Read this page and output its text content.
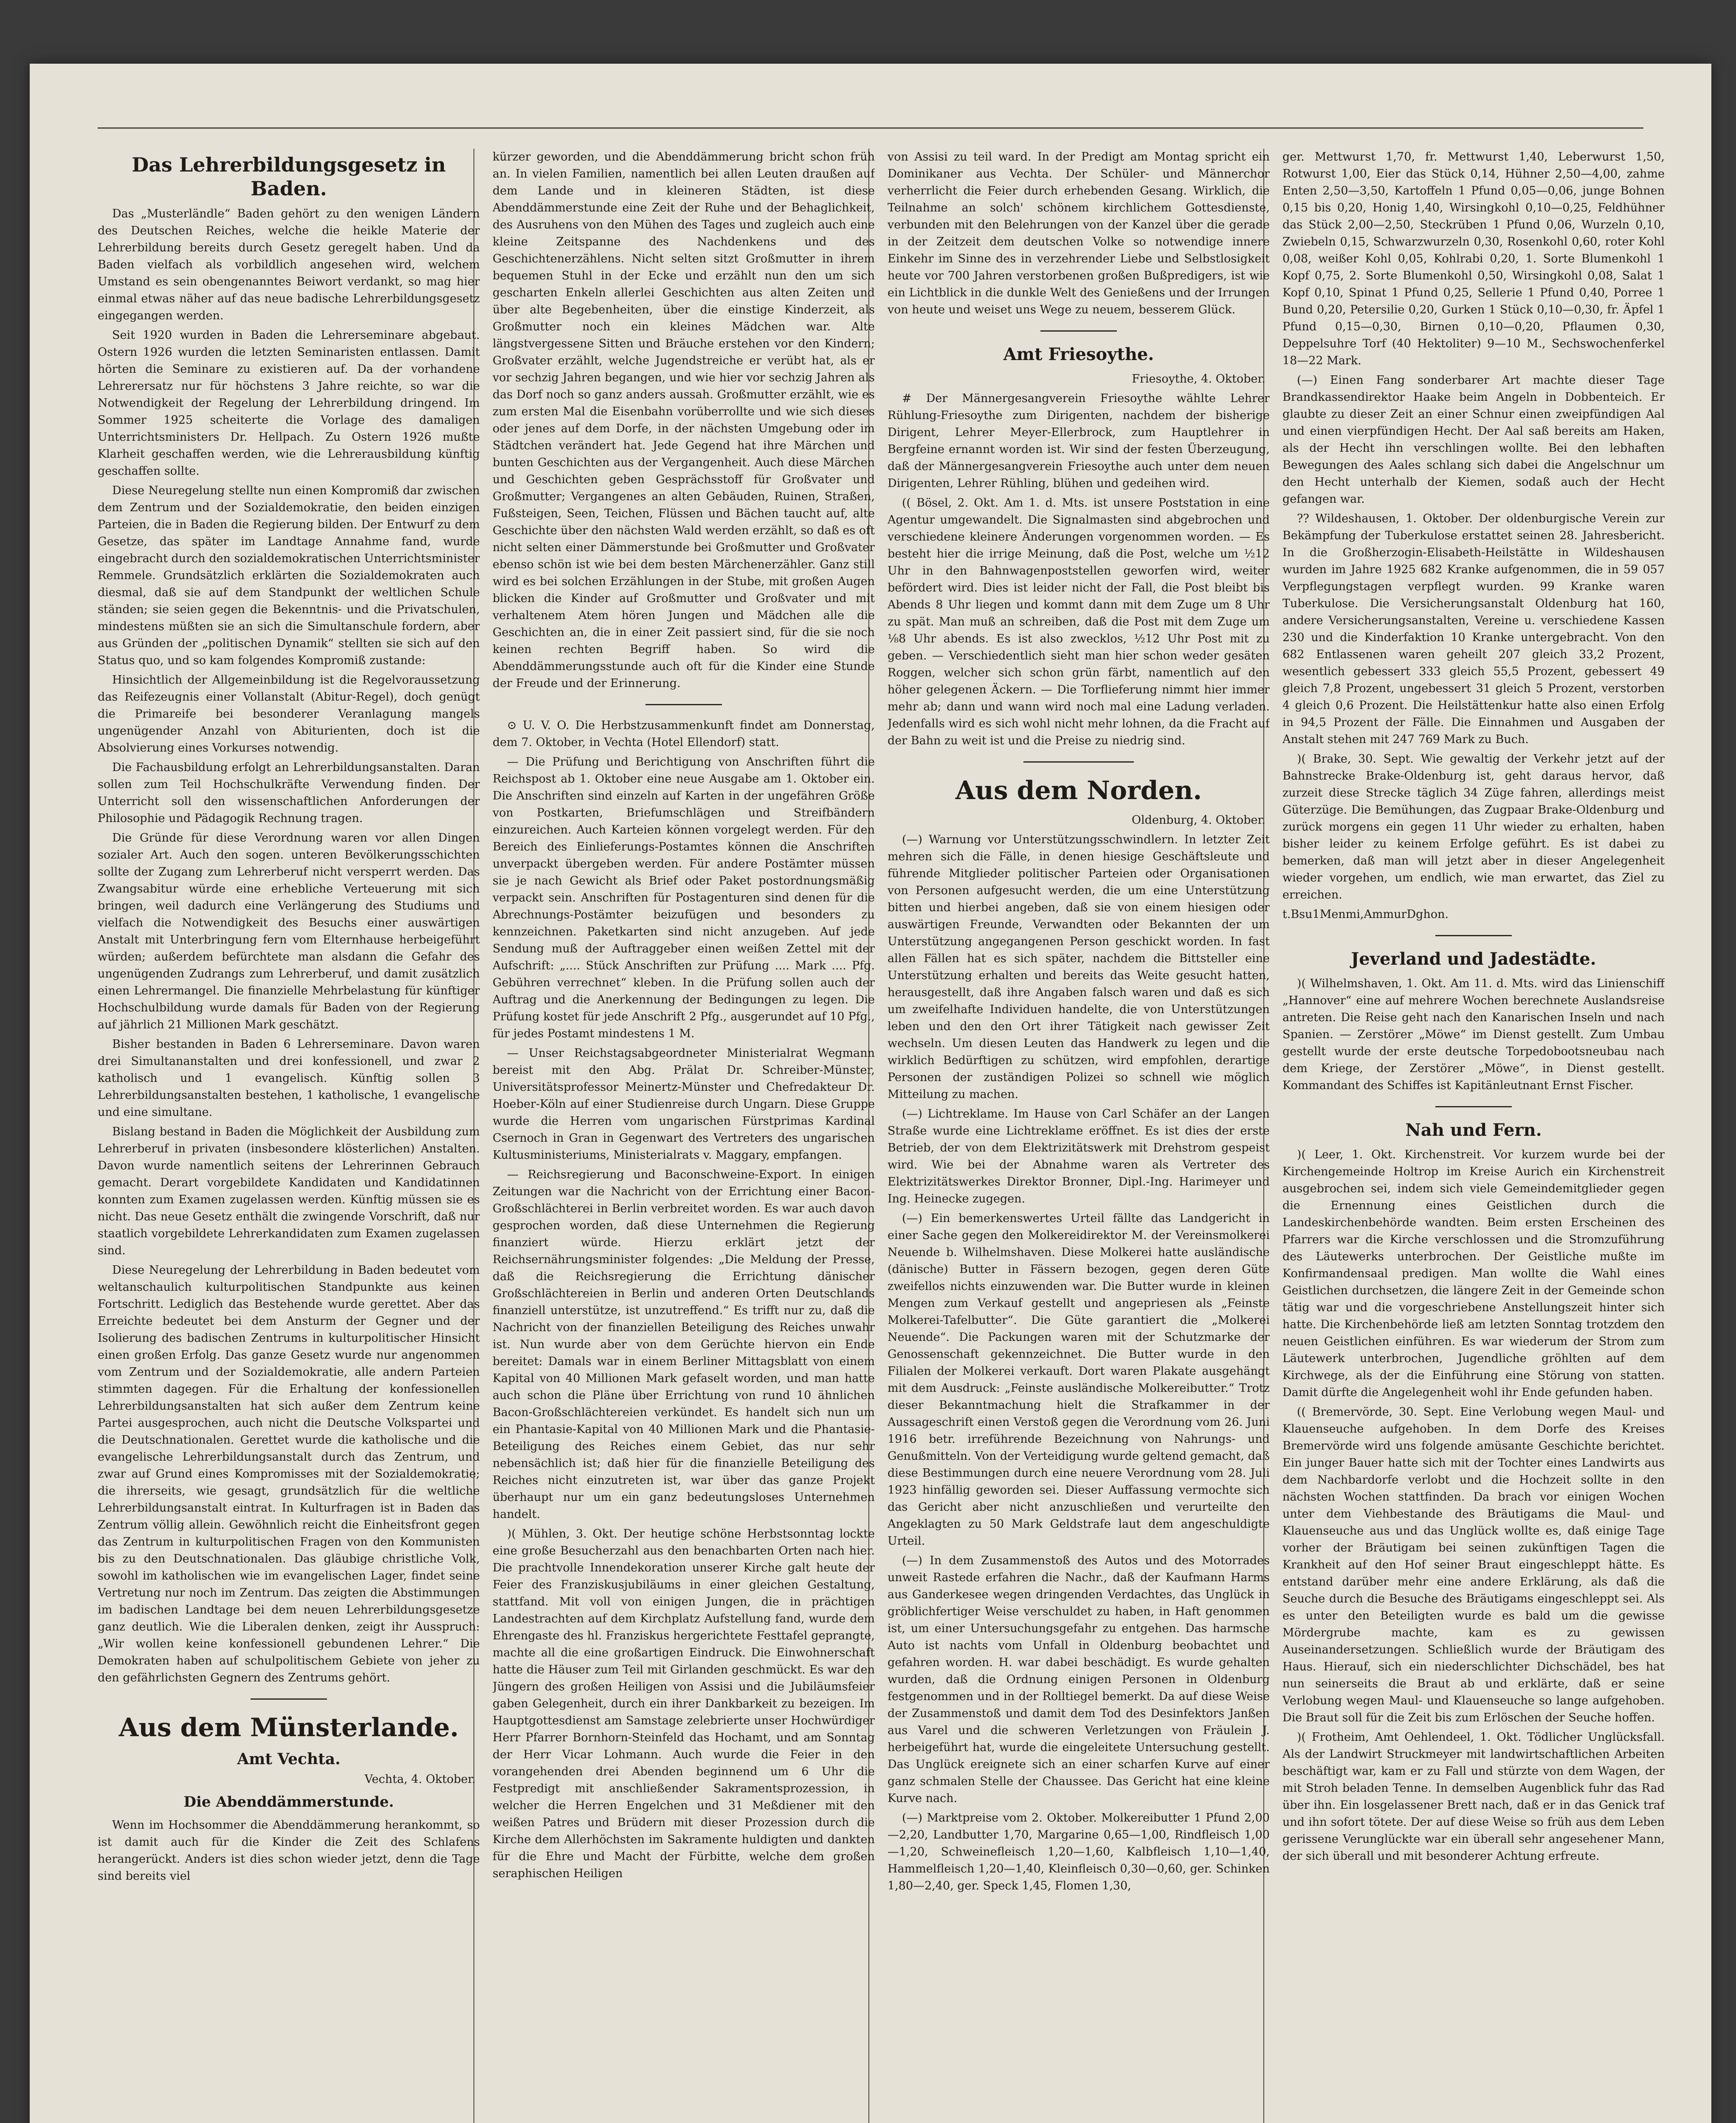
Das Lehrerbildungsgesetz in Baden.

Das „Musterländle“ Baden gehört zu den wenigen Ländern des Deutschen Reiches, welche die heikle Materie der Lehrerbildung bereits durch Gesetz geregelt haben. Und da Baden vielfach als vorbildlich angesehen wird, welchem Umstand es sein obengenanntes Beiwort verdankt, so mag hier einmal etwas näher auf das neue badische Lehrerbildungsgesetz eingegangen werden.

Seit 1920 wurden in Baden die Lehrerseminare abgebaut. Ostern 1926 wurden die letzten Seminaristen entlassen. Damit hörten die Seminare zu existieren auf. Da der vorhandene Lehrerersatz nur für höchstens 3 Jahre reichte, so war die Notwendigkeit der Regelung der Lehrerbildung dringend. Im Sommer 1925 scheiterte die Vorlage des damaligen Unterrichtsministers Dr. Hellpach. Zu Ostern 1926 mußte Klarheit geschaffen werden, wie die Lehrerausbildung künftig geschaffen sollte.

Diese Neuregelung stellte nun einen Kompromiß dar zwischen dem Zentrum und der Sozialdemokratie, den beiden einzigen Parteien, die in Baden die Regierung bilden. Der Entwurf zu dem Gesetze, das später im Landtage Annahme fand, wurde eingebracht durch den sozialdemokratischen Unterrichtsminister Remmele. Grundsätzlich erklärten die Sozialdemokraten auch diesmal, daß sie auf dem Standpunkt der weltlichen Schule ständen; sie seien gegen die Bekenntnis- und die Privatschulen, mindestens müßten sie an sich die Simultanschule fordern, aber aus Gründen der „politischen Dynamik“ stellten sie sich auf den Status quo, und so kam folgendes Kompromiß zustande:

Hinsichtlich der Allgemeinbildung ist die Regelvoraussetzung das Reifezeugnis einer Vollanstalt (Abitur-Regel), doch genügt die Primareife bei besonderer Veranlagung mangels ungenügender Anzahl von Abiturienten, doch ist die Absolvierung eines Vorkurses notwendig.

Die Fachausbildung erfolgt an Lehrerbildungsanstalten. Daran sollen zum Teil Hochschulkräfte Verwendung finden. Der Unterricht soll den wissenschaftlichen Anforderungen der Philosophie und Pädagogik Rechnung tragen.

Die Gründe für diese Verordnung waren vor allen Dingen sozialer Art. Auch den sogen. unteren Bevölkerungsschichten sollte der Zugang zum Lehrerberuf nicht versperrt werden. Das Zwangsabitur würde eine erhebliche Verteuerung mit sich bringen, weil dadurch eine Verlängerung des Studiums und vielfach die Notwendigkeit des Besuchs einer auswärtigen Anstalt mit Unterbringung fern vom Elternhause herbeigeführt würden; außerdem befürchtete man alsdann die Gefahr des ungenügenden Zudrangs zum Lehrerberuf, und damit zusätzlich einen Lehrermangel. Die finanzielle Mehrbelastung für künftiger Hochschulbildung wurde damals für Baden von der Regierung auf jährlich 21 Millionen Mark geschätzt.

Bisher bestanden in Baden 6 Lehrerseminare. Davon waren drei Simultananstalten und drei konfessionell, und zwar 2 katholisch und 1 evangelisch. Künftig sollen 3 Lehrerbildungsanstalten bestehen, 1 katholische, 1 evangelische und eine simultane.

Bislang bestand in Baden die Möglichkeit der Ausbildung zum Lehrerberuf in privaten (insbesondere klösterlichen) Anstalten. Davon wurde namentlich seitens der Lehrerinnen Gebrauch gemacht. Derart vorgebildete Kandidaten und Kandidatinnen konnten zum Examen zugelassen werden. Künftig müssen sie es nicht. Das neue Gesetz enthält die zwingende Vorschrift, daß nur staatlich vorgebildete Lehrerkandidaten zum Examen zugelassen sind.

Diese Neuregelung der Lehrerbildung in Baden bedeutet vom weltanschaulich kulturpolitischen Standpunkte aus keinen Fortschritt. Lediglich das Bestehende wurde gerettet. Aber das Erreichte bedeutet bei dem Ansturm der Gegner und der Isolierung des badischen Zentrums in kulturpolitischer Hinsicht einen großen Erfolg. Das ganze Gesetz wurde nur angenommen vom Zentrum und der Sozialdemokratie, alle andern Parteien stimmten dagegen. Für die Erhaltung der konfessionellen Lehrerbildungsanstalten hat sich außer dem Zentrum keine Partei ausgesprochen, auch nicht die Deutsche Volkspartei und die Deutschnationalen. Gerettet wurde die katholische und die evangelische Lehrerbildungsanstalt durch das Zentrum, und zwar auf Grund eines Kompromisses mit der Sozialdemokratie; die ihrerseits, wie gesagt, grundsätzlich für die weltliche Lehrerbildungsanstalt eintrat. In Kulturfragen ist in Baden das Zentrum völlig allein. Gewöhnlich reicht die Einheitsfront gegen das Zentrum in kulturpolitischen Fragen von den Kommunisten bis zu den Deutschnationalen. Das gläubige christliche Volk, sowohl im katholischen wie im evangelischen Lager, findet seine Vertretung nur noch im Zentrum. Das zeigten die Abstimmungen im badischen Landtage bei dem neuen Lehrerbildungsgesetze ganz deutlich. Wie die Liberalen denken, zeigt ihr Ausspruch: „Wir wollen keine konfessionell gebundenen Lehrer.“ Die Demokraten haben auf schulpolitischem Gebiete von jeher zu den gefährlichsten Gegnern des Zentrums gehört.

Aus dem Münsterlande.
Amt Vechta.
Vechta, 4. Oktober.
Die Abenddämmerstunde.

Wenn im Hochsommer die Abenddämmerung herankommt, so ist damit auch für die Kinder die Zeit des Schlafens herangerückt. Anders ist dies schon wieder jetzt, denn die Tage sind bereits viel

kürzer geworden, und die Abenddämmerung bricht schon früh an. In vielen Familien, namentlich bei allen Leuten draußen auf dem Lande und in kleineren Städten, ist diese Abenddämmerstunde eine Zeit der Ruhe und der Behaglichkeit, des Ausruhens von den Mühen des Tages und zugleich auch eine kleine Zeitspanne des Nachdenkens und des Geschichtenerzählens. Nicht selten sitzt Großmutter in ihrem bequemen Stuhl in der Ecke und erzählt nun den um sich gescharten Enkeln allerlei Geschichten aus alten Zeiten und über alte Begebenheiten, über die einstige Kinderzeit, als Großmutter noch ein kleines Mädchen war. Alte längstvergessene Sitten und Bräuche erstehen vor den Kindern; Großvater erzählt, welche Jugendstreiche er verübt hat, als er vor sechzig Jahren begangen, und wie hier vor sechzig Jahren als das Dorf noch so ganz anders aussah. Großmutter erzählt, wie es zum ersten Mal die Eisenbahn vorüberrollte und wie sich dieses oder jenes auf dem Dorfe, in der nächsten Umgebung oder im Städtchen verändert hat. Jede Gegend hat ihre Märchen und bunten Geschichten aus der Vergangenheit. Auch diese Märchen und Geschichten geben Gesprächsstoff für Großvater und Großmutter; Vergangenes an alten Gebäuden, Ruinen, Straßen, Fußsteigen, Seen, Teichen, Flüssen und Bächen taucht auf, alte Geschichte über den nächsten Wald werden erzählt, so daß es oft nicht selten einer Dämmerstunde bei Großmutter und Großvater ebenso schön ist wie bei dem besten Märchenerzähler. Ganz still wird es bei solchen Erzählungen in der Stube, mit großen Augen blicken die Kinder auf Großmutter und Großvater und mit verhaltenem Atem hören Jungen und Mädchen alle die Geschichten an, die in einer Zeit passiert sind, für die sie noch keinen rechten Begriff haben. So wird die Abenddämmerungsstunde auch oft für die Kinder eine Stunde der Freude und der Erinnerung.

⊙ U. V. O. Die Herbstzusammenkunft findet am Donnerstag, dem 7. Oktober, in Vechta (Hotel Ellendorf) statt.

— Die Prüfung und Berichtigung von Anschriften führt die Reichspost ab 1. Oktober eine neue Ausgabe am 1. Oktober ein. Die Anschriften sind einzeln auf Karten in der ungefähren Größe von Postkarten, Briefumschlägen und Streifbändern einzureichen. Auch Karteien können vorgelegt werden. Für den Bereich des Einlieferungs-Postamtes können die Anschriften unverpackt übergeben werden. Für andere Postämter müssen sie je nach Gewicht als Brief oder Paket postordnungsmäßig verpackt sein. Anschriften für Postagenturen sind denen für die Abrechnungs-Postämter beizufügen und besonders zu kennzeichnen. Paketkarten sind nicht anzugeben. Auf jede Sendung muß der Auftraggeber einen weißen Zettel mit der Aufschrift: „.... Stück Anschriften zur Prüfung .... Mark .... Pfg. Gebühren verrechnet“ kleben. In die Prüfung sollen auch der Auftrag und die Anerkennung der Bedingungen zu legen. Die Prüfung kostet für jede Anschrift 2 Pfg., ausgerundet auf 10 Pfg., für jedes Postamt mindestens 1 M.

— Unser Reichstagsabgeordneter Ministerialrat Wegmann bereist mit den Abg. Prälat Dr. Schreiber-Münster, Universitätsprofessor Meinertz-Münster und Chefredakteur Dr. Hoeber-Köln auf einer Studienreise durch Ungarn. Diese Gruppe wurde die Herren vom ungarischen Fürstprimas Kardinal Csernoch in Gran in Gegenwart des Vertreters des ungarischen Kultusministeriums, Ministerialrats v. Maggary, empfangen.

— Reichsregierung und Baconschweine-Export. In einigen Zeitungen war die Nachricht von der Errichtung einer Bacon-Großschlächterei in Berlin verbreitet worden. Es war auch davon gesprochen worden, daß diese Unternehmen die Regierung finanziert würde. Hierzu erklärt jetzt der Reichsernährungsminister folgendes: „Die Meldung der Presse, daß die Reichsregierung die Errichtung dänischer Großschlächtereien in Berlin und anderen Orten Deutschlands finanziell unterstütze, ist unzutreffend.“ Es trifft nur zu, daß die Nachricht von der finanziellen Beteiligung des Reiches unwahr ist. Nun wurde aber von dem Gerüchte hiervon ein Ende bereitet: Damals war in einem Berliner Mittagsblatt von einem Kapital von 40 Millionen Mark gefaselt worden, und man hatte auch schon die Pläne über Errichtung von rund 10 ähnlichen Bacon-Großschlächtereien verkündet. Es handelt sich nun um ein Phantasie-Kapital von 40 Millionen Mark und die Phantasie-Beteiligung des Reiches einem Gebiet, das nur sehr nebensächlich ist; daß hier für die finanzielle Beteiligung des Reiches nicht einzutreten ist, war über das ganze Projekt überhaupt nur um ein ganz bedeutungsloses Unternehmen handelt.

)( Mühlen, 3. Okt. Der heutige schöne Herbstsonntag lockte eine große Besucherzahl aus den benachbarten Orten nach hier. Die prachtvolle Innendekoration unserer Kirche galt heute der Feier des Franziskusjubiläums in einer gleichen Gestaltung, stattfand. Mit voll von einigen Jungen, die in prächtigen Landestrachten auf dem Kirchplatz Aufstellung fand, wurde dem Ehrengaste des hl. Franziskus hergerichtete Festtafel geprangte, machte all die eine großartigen Eindruck. Die Einwohnerschaft hatte die Häuser zum Teil mit Girlanden geschmückt. Es war den Jüngern des großen Heiligen von Assisi und die Jubiläumsfeier gaben Gelegenheit, durch ein ihrer Dankbarkeit zu bezeigen. Im Hauptgottesdienst am Samstage zelebrierte unser Hochwürdiger Herr Pfarrer Bornhorn-Steinfeld das Hochamt, und am Sonntag der Herr Vicar Lohmann. Auch wurde die Feier in den vorangehenden drei Abenden beginnend um 6 Uhr die Festpredigt mit anschließender Sakramentsprozession, in welcher die Herren Engelchen und 31 Meßdiener mit den weißen Patres und Brüdern mit dieser Prozession durch die Kirche dem Allerhöchsten im Sakramente huldigten und dankten für die Ehre und Macht der Fürbitte, welche dem großen seraphischen Heiligen

von Assisi zu teil ward. In der Predigt am Montag spricht ein Dominikaner aus Vechta. Der Schüler- und Männerchor verherrlicht die Feier durch erhebenden Gesang. Wirklich, die Teilnahme an solch' schönem kirchlichem Gottesdienste, verbunden mit den Belehrungen von der Kanzel über die gerade in der Zeitzeit dem deutschen Volke so notwendige innere Einkehr im Sinne des in verzehrender Liebe und Selbstlosigkeit heute vor 700 Jahren verstorbenen großen Bußpredigers, ist wie ein Lichtblick in die dunkle Welt des Genießens und der Irrungen von heute und weiset uns Wege zu neuem, besserem Glück.

Amt Friesoythe.
Friesoythe, 4. Oktober.

# Der Männergesangverein Friesoythe wählte Lehrer Rühlung-Friesoythe zum Dirigenten, nachdem der bisherige Dirigent, Lehrer Meyer-Ellerbrock, zum Hauptlehrer in Bergfeine ernannt worden ist. Wir sind der festen Überzeugung, daß der Männergesangverein Friesoythe auch unter dem neuen Dirigenten, Lehrer Rühling, blühen und gedeihen wird.

(( Bösel, 2. Okt. Am 1. d. Mts. ist unsere Poststation in eine Agentur umgewandelt. Die Signalmasten sind abgebrochen und verschiedene kleinere Änderungen vorgenommen worden. — Es besteht hier die irrige Meinung, daß die Post, welche um ½12 Uhr in den Bahnwagenpoststellen geworfen wird, weiter befördert wird. Dies ist leider nicht der Fall, die Post bleibt bis Abends 8 Uhr liegen und kommt dann mit dem Zuge um 8 Uhr zu spät. Man muß an schreiben, daß die Post mit dem Zuge um ⅛8 Uhr abends. Es ist also zwecklos, ½12 Uhr Post mit zu geben. — Verschiedentlich sieht man hier schon weder gesäten Roggen, welcher sich schon grün färbt, namentlich auf den höher gelegenen Äckern. — Die Torflieferung nimmt hier immer mehr ab; dann und wann wird noch mal eine Ladung verladen. Jedenfalls wird es sich wohl nicht mehr lohnen, da die Fracht auf der Bahn zu weit ist und die Preise zu niedrig sind.

Aus dem Norden.
Oldenburg, 4. Oktober.

(—) Warnung vor Unterstützungsschwindlern. In letzter Zeit mehren sich die Fälle, in denen hiesige Geschäftsleute und führende Mitglieder politischer Parteien oder Organisationen von Personen aufgesucht werden, die um eine Unterstützung bitten und hierbei angeben, daß sie von einem hiesigen oder auswärtigen Freunde, Verwandten oder Bekannten der um Unterstützung angegangenen Person geschickt worden. In fast allen Fällen hat es sich später, nachdem die Bittsteller eine Unterstützung erhalten und bereits das Weite gesucht hatten, herausgestellt, daß ihre Angaben falsch waren und daß es sich um zweifelhafte Individuen handelte, die von Unterstützungen leben und den den Ort ihrer Tätigkeit nach gewisser Zeit wechseln. Um diesen Leuten das Handwerk zu legen und die wirklich Bedürftigen zu schützen, wird empfohlen, derartige Personen der zuständigen Polizei so schnell wie möglich Mitteilung zu machen.

(—) Lichtreklame. Im Hause von Carl Schäfer an der Langen Straße wurde eine Lichtreklame eröffnet. Es ist dies der erste Betrieb, der von dem Elektrizitätswerk mit Drehstrom gespeist wird. Wie bei der Abnahme waren als Vertreter des Elektrizitätswerkes Direktor Bronner, Dipl.-Ing. Harimeyer und Ing. Heinecke zugegen.

(—) Ein bemerkenswertes Urteil fällte das Landgericht in einer Sache gegen den Molkereidirektor M. der Vereinsmolkerei Neuende b. Wilhelmshaven. Diese Molkerei hatte ausländische (dänische) Butter in Fässern bezogen, gegen deren Güte zweifellos nichts einzuwenden war. Die Butter wurde in kleinen Mengen zum Verkauf gestellt und angepriesen als „Feinste Molkerei-Tafelbutter“. Die Güte garantiert die „Molkerei Neuende“. Die Packungen waren mit der Schutzmarke der Genossenschaft gekennzeichnet. Die Butter wurde in den Filialen der Molkerei verkauft. Dort waren Plakate ausgehängt mit dem Ausdruck: „Feinste ausländische Molkereibutter.“ Trotz dieser Bekanntmachung hielt die Strafkammer in der Aussageschrift einen Verstoß gegen die Verordnung vom 26. Juni 1916 betr. irreführende Bezeichnung von Nahrungs- und Genußmitteln. Von der Verteidigung wurde geltend gemacht, daß diese Bestimmungen durch eine neuere Verordnung vom 28. Juli 1923 hinfällig geworden sei. Dieser Auffassung vermochte sich das Gericht aber nicht anzuschließen und verurteilte den Angeklagten zu 50 Mark Geldstrafe laut dem angeschuldigte Urteil.

(—) In dem Zusammenstoß des Autos und des Motorrades unweit Rastede erfahren die Nachr., daß der Kaufmann Harms aus Ganderkesee wegen dringenden Verdachtes, das Unglück in gröblichfertiger Weise verschuldet zu haben, in Haft genommen ist, um einer Untersuchungsgefahr zu entgehen. Das harmsche Auto ist nachts vom Unfall in Oldenburg beobachtet und gefahren worden. H. war dabei beschädigt. Es wurde gehalten wurden, daß die Ordnung einigen Personen in Oldenburg festgenommen und in der Rolltiegel bemerkt. Da auf diese Weise der Zusammenstoß und damit dem Tod des Desinfektors Janßen aus Varel und die schweren Verletzungen von Fräulein J. herbeigeführt hat, wurde die eingeleitete Untersuchung gestellt. Das Unglück ereignete sich an einer scharfen Kurve auf einer ganz schmalen Stelle der Chaussee. Das Gericht hat eine kleine Kurve nach.

(—) Marktpreise vom 2. Oktober. Molkereibutter 1 Pfund 2,00—2,20, Landbutter 1,70, Margarine 0,65—1,00, Rindfleisch 1,00—1,20, Schweinefleisch 1,20—1,60, Kalbfleisch 1,10—1,40, Hammelfleisch 1,20—1,40, Kleinfleisch 0,30—0,60, ger. Schinken 1,80—2,40, ger. Speck 1,45, Flomen 1,30,

ger. Mettwurst 1,70, fr. Mettwurst 1,40, Leberwurst 1,50, Rotwurst 1,00, Eier das Stück 0,14, Hühner 2,50—4,00, zahme Enten 2,50—3,50, Kartoffeln 1 Pfund 0,05—0,06, junge Bohnen 0,15 bis 0,20, Honig 1,40, Wirsingkohl 0,10—0,25, Feldhühner das Stück 2,00—2,50, Steckrüben 1 Pfund 0,06, Wurzeln 0,10, Zwiebeln 0,15, Schwarzwurzeln 0,30, Rosenkohl 0,60, roter Kohl 0,08, weißer Kohl 0,05, Kohlrabi 0,20, 1. Sorte Blumenkohl 1 Kopf 0,75, 2. Sorte Blumenkohl 0,50, Wirsingkohl 0,08, Salat 1 Kopf 0,10, Spinat 1 Pfund 0,25, Sellerie 1 Pfund 0,40, Porree 1 Bund 0,20, Petersilie 0,20, Gurken 1 Stück 0,10—0,30, fr. Äpfel 1 Pfund 0,15—0,30, Birnen 0,10—0,20, Pflaumen 0,30, Deppelsuhre Torf (40 Hektoliter) 9—10 M., Sechswochenferkel 18—22 Mark.

(—) Einen Fang sonderbarer Art machte dieser Tage Brandkassendirektor Haake beim Angeln in Dobbenteich. Er glaubte zu dieser Zeit an einer Schnur einen zweipfündigen Aal und einen vierpfündigen Hecht. Der Aal saß bereits am Haken, als der Hecht ihn verschlingen wollte. Bei den lebhaften Bewegungen des Aales schlang sich dabei die Angelschnur um den Hecht unterhalb der Kiemen, sodaß auch der Hecht gefangen war.

?? Wildeshausen, 1. Oktober. Der oldenburgische Verein zur Bekämpfung der Tuberkulose erstattet seinen 28. Jahresbericht. In die Großherzogin-Elisabeth-Heilstätte in Wildeshausen wurden im Jahre 1925 682 Kranke aufgenommen, die in 59 057 Verpflegungstagen verpflegt wurden. 99 Kranke waren Tuberkulose. Die Versicherungsanstalt Oldenburg hat 160, andere Versicherungsanstalten, Vereine u. verschiedene Kassen 230 und die Kinderfaktion 10 Kranke untergebracht. Von den 682 Entlassenen waren geheilt 207 gleich 33,2 Prozent, wesentlich gebessert 333 gleich 55,5 Prozent, gebessert 49 gleich 7,8 Prozent, ungebessert 31 gleich 5 Prozent, verstorben 4 gleich 0,6 Prozent. Die Heilstättenkur hatte also einen Erfolg in 94,5 Prozent der Fälle. Die Einnahmen und Ausgaben der Anstalt stehen mit 247 769 Mark zu Buch.

)( Brake, 30. Sept. Wie gewaltig der Verkehr jetzt auf der Bahnstrecke Brake-Oldenburg ist, geht daraus hervor, daß zurzeit diese Strecke täglich 34 Züge fahren, allerdings meist Güterzüge. Die Bemühungen, das Zugpaar Brake-Oldenburg und zurück morgens ein gegen 11 Uhr wieder zu erhalten, haben bisher leider zu keinem Erfolge geführt. Es ist dabei zu bemerken, daß man will jetzt aber in dieser Angelegenheit wieder vorgehen, um endlich, wie man erwartet, das Ziel zu erreichen.

t.Bsu1Menmi,AmmurDghon.

Jeverland und Jadestädte.

)( Wilhelmshaven, 1. Okt. Am 11. d. Mts. wird das Linienschiff „Hannover“ eine auf mehrere Wochen berechnete Auslandsreise antreten. Die Reise geht nach den Kanarischen Inseln und nach Spanien. — Zerstörer „Möwe“ im Dienst gestellt. Zum Umbau gestellt wurde der erste deutsche Torpedobootsneubau nach dem Kriege, der Zerstörer „Möwe“, in Dienst gestellt. Kommandant des Schiffes ist Kapitänleutnant Ernst Fischer.

Nah und Fern.

)( Leer, 1. Okt. Kirchenstreit. Vor kurzem wurde bei der Kirchengemeinde Holtrop im Kreise Aurich ein Kirchenstreit ausgebrochen sei, indem sich viele Gemeindemitglieder gegen die Ernennung eines Geistlichen durch die Landeskirchenbehörde wandten. Beim ersten Erscheinen des Pfarrers war die Kirche verschlossen und die Stromzuführung des Läutewerks unterbrochen. Der Geistliche mußte im Konfirmandensaal predigen. Man wollte die Wahl eines Geistlichen durchsetzen, die längere Zeit in der Gemeinde schon tätig war und die vorgeschriebene Anstellungszeit hinter sich hatte. Die Kirchenbehörde ließ am letzten Sonntag trotzdem den neuen Geistlichen einführen. Es war wiederum der Strom zum Läutewerk unterbrochen, Jugendliche gröhlten auf dem Kirchwege, als der die Einführung eine Störung von statten. Damit dürfte die Angelegenheit wohl ihr Ende gefunden haben.

(( Bremervörde, 30. Sept. Eine Verlobung wegen Maul- und Klauenseuche aufgehoben. In dem Dorfe des Kreises Bremervörde wird uns folgende amüsante Geschichte berichtet. Ein junger Bauer hatte sich mit der Tochter eines Landwirts aus dem Nachbardorfe verlobt und die Hochzeit sollte in den nächsten Wochen stattfinden. Da brach vor einigen Wochen unter dem Viehbestande des Bräutigams die Maul- und Klauenseuche aus und das Unglück wollte es, daß einige Tage vorher der Bräutigam bei seinen zukünftigen Tagen die Krankheit auf den Hof seiner Braut eingeschleppt hätte. Es entstand darüber mehr eine andere Erklärung, als daß die Seuche durch die Besuche des Bräutigams eingeschleppt sei. Als es unter den Beteiligten wurde es bald um die gewisse Mördergrube machte, kam es zu gewissen Auseinandersetzungen. Schließlich wurde der Bräutigam des Haus. Hierauf, sich ein niederschlichter Dichschädel, bes hat nun seinerseits die Braut ab und erklärte, daß er seine Verlobung wegen Maul- und Klauenseuche so lange aufgehoben. Die Braut soll für die Zeit bis zum Erlöschen der Seuche hoffen.

)( Frotheim, Amt Oehlendeel, 1. Okt. Tödlicher Unglücksfall. Als der Landwirt Struckmeyer mit landwirtschaftlichen Arbeiten beschäftigt war, kam er zu Fall und stürzte von dem Wagen, der mit Stroh beladen Tenne. In demselben Augenblick fuhr das Rad über ihn. Ein losgelassener Brett nach, daß er in das Genick traf und ihn sofort tötete. Der auf diese Weise so früh aus dem Leben gerissene Verunglückte war ein überall sehr angesehener Mann, der sich überall und mit besonderer Achtung erfreute.
